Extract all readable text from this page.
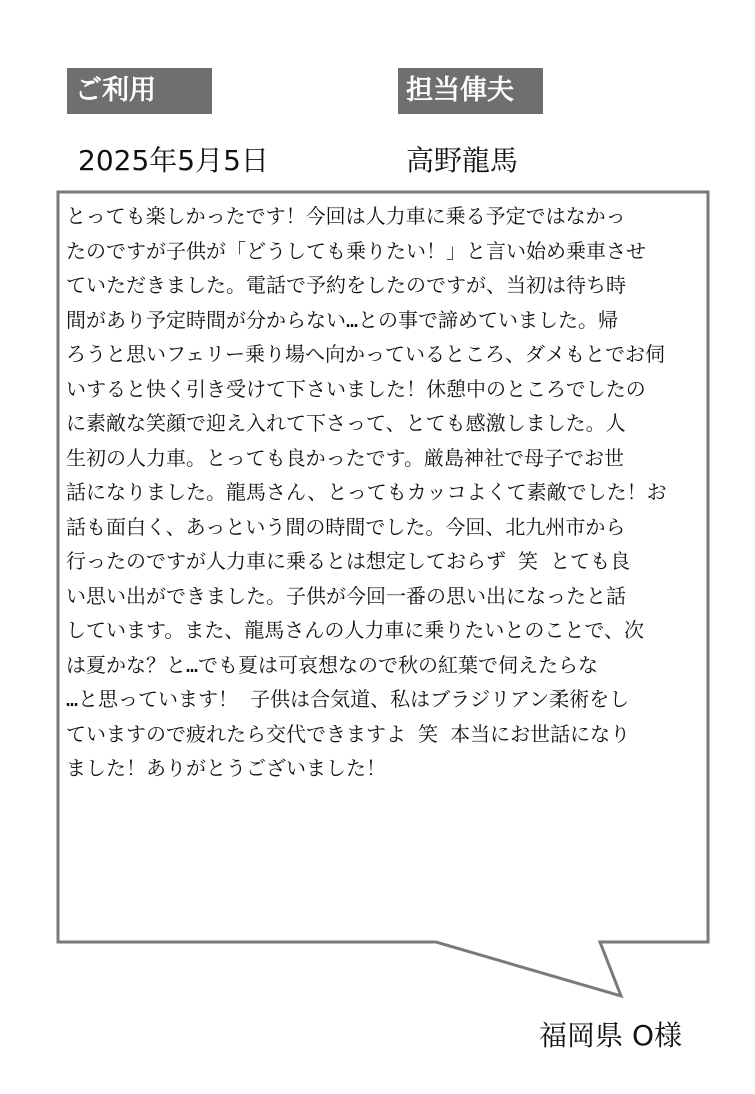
ご利用	担当俥夫
2025年5月5日	高野龍馬
とっても楽しかったです！今回は人力車に乗る予定ではなかっ
たのですが子供が「どうしても乗りたい！」と言い始め乗車させ
ていただきました。電話で予約をしたのですが、当初は待ち時
間があり予定時間が分からない…との事で諦めていました。帰
ろうと思いフェリー乗り場へ向かっているところ、ダメもとでお伺
いすると快く引き受けて下さいました！休憩中のところでしたの
に素敵な笑顔で迎え入れて下さって、とても感激しました。人
生初の人力車。とっても良かったです。厳島神社で母子でお世
話になりました。龍馬さん、とってもカッコよくて素敵でした！お
話も面白く、あっという間の時間でした。今回、北九州市から
行ったのですが人力車に乗るとは想定しておらず 笑 とても良
い思い出ができました。子供が今回一番の思い出になったと話
しています。また、龍馬さんの人力車に乗りたいとのことで、次
は夏かな？と…でも夏は可哀想なので秋の紅葉で伺えたらな
…と思っています！ 子供は合気道、私はブラジリアン柔術をし
ていますので疲れたら交代できますよ 笑 本当にお世話になり
ました！ありがとうございました！
福岡県 O様
